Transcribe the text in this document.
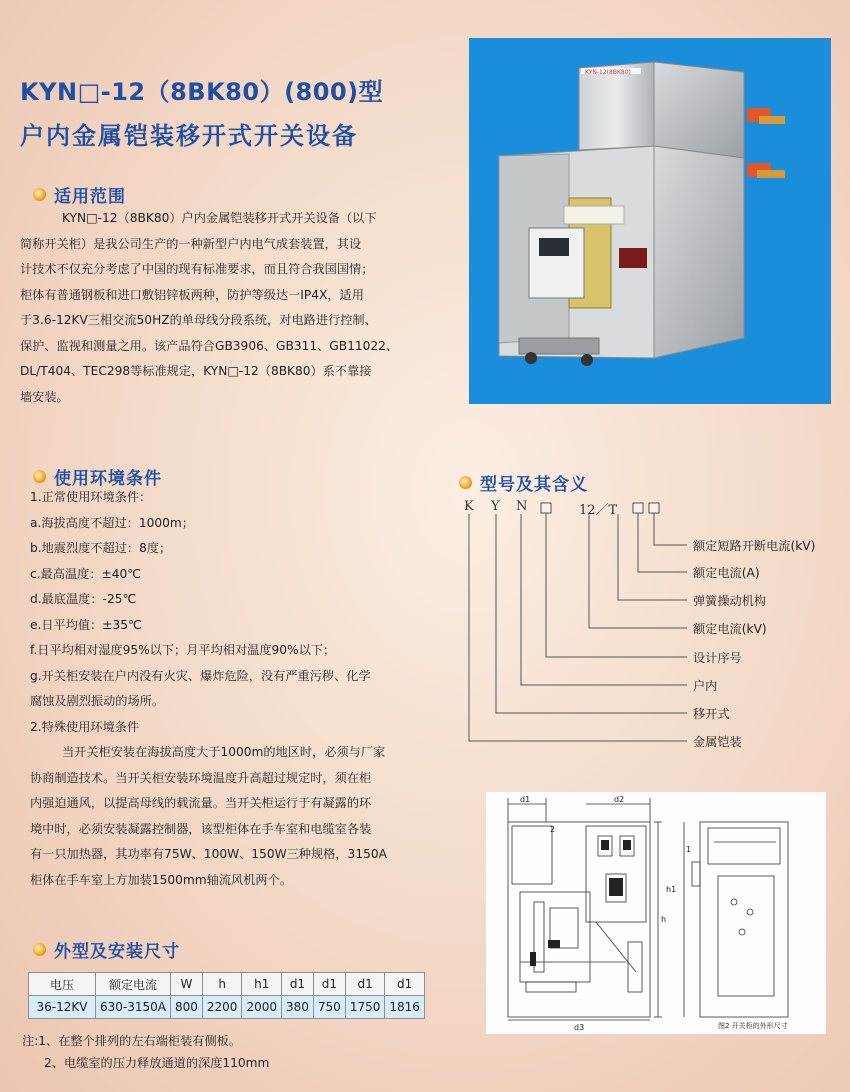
KYN□-12（8BK80）(800)型
户内金属铠装移开式开关设备
KYN-12(8BK80)
适用范围
KYN□-12（8BK80）户内金属铠装移开式开关设备（以下
简称开关柜）是我公司生产的一种新型户内电气成套装置，其设
计技术不仅充分考虑了中国的现有标准要求，而且符合我国国情；
柜体有普通钢板和进口敷铝锌板两种，防护等级达一IP4X，适用
于3.6-12KV三相交流50HZ的单母线分段系统，对电路进行控制、
保护、监视和测量之用。该产品符合GB3906、GB311、GB11022、
DL/T404、TEC298等标准规定，KYN□-12（8BK80）系不靠接
墙安装。
使用环境条件
1.正常使用环境条件：
a.海拔高度不超过：1000m；
b.地震烈度不超过：8度；
c.最高温度：±40℃
d.最底温度：-25℃
e.日平均值：±35℃
f.日平均相对湿度95%以下；月平均相对温度90%以下；
g.开关柜安装在户内没有火灾、爆炸危险，没有严重污秽、化学
腐蚀及剧烈振动的场所。
2.特殊使用环境条件
当开关柜安装在海拔高度大于1000m的地区时，必须与厂家
协商制造技术。当开关柜安装环境温度升高超过规定时，须在柜
内强迫通风，以提高母线的载流量。当开关柜运行于有凝露的环
境中时，必须安装凝露控制器，该型柜体在手车室和电缆室各装
有一只加热器，其功率有75W、100W、150W三种规格，3150A
柜体在手车室上方加装1500mm轴流风机两个。
外型及安装尺寸
电压	额定电流	W	h	h1	d1	d1	d1	d1
36-12KV	630-3150A	800	2200	2000	380	750	1750	1816
注:1、在整个排列的左右端柜装有侧板。
2、电缆室的压力释放通道的深度110mm
型号及其含义
K Y N	12／T
额定短路开断电流(kV)
额定电流(A)
弹簧操动机构
额定电流(kV)
设计序号
户内
移开式
金属铠装
d1	d2
d3
h
h1
2
1
图2 开关柜的外形尺寸
